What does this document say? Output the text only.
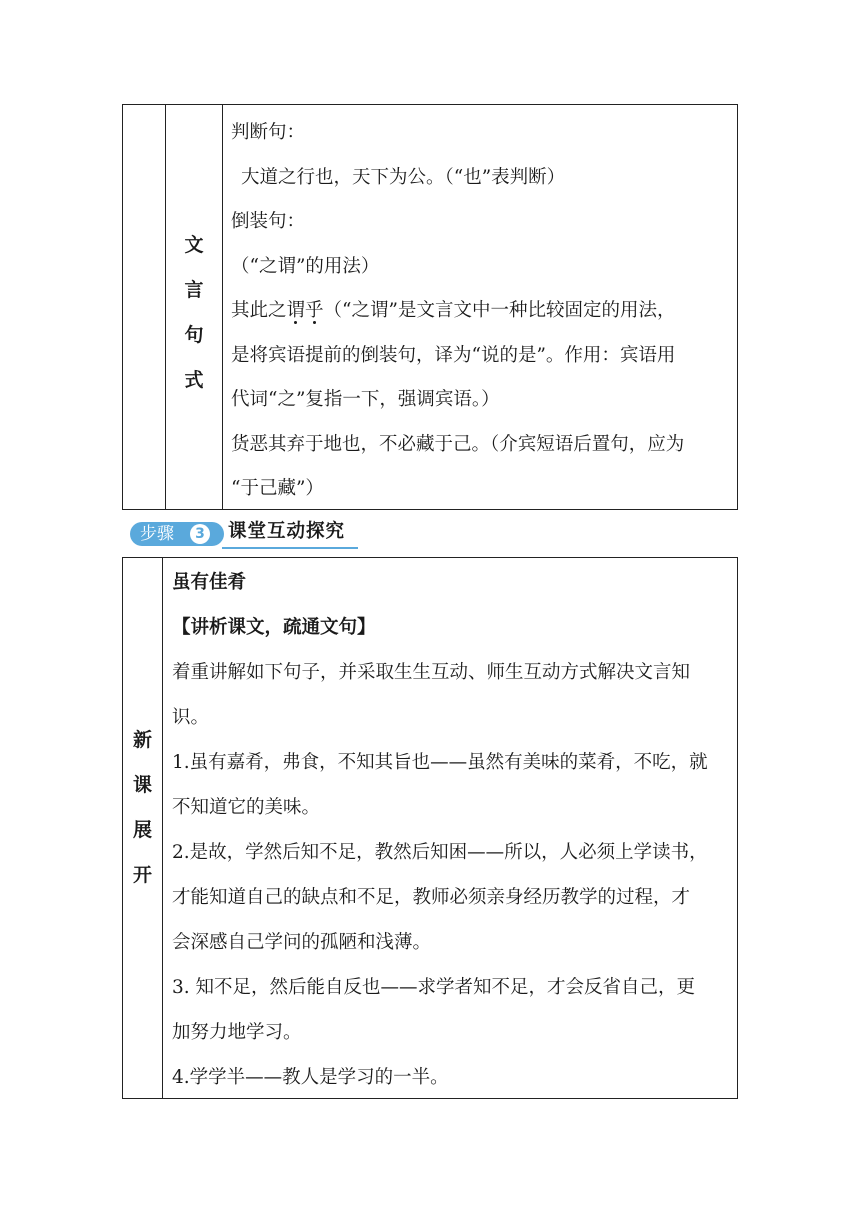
文
言
句
式

判断句：

大道之行也，天下为公。（“也”表判断）

倒装句：

（“之谓”的用法）

其此之谓乎（“之谓”是文言文中一种比较固定的用法，

是将宾语提前的倒装句，译为“说的是”。作用：宾语用

代词“之”复指一下，强调宾语。）

货恶其弃于地也，不必藏于己。（介宾短语后置句，应为

“于己藏”）

步骤	3 课堂互动探究
新
课
展
开

虽有佳肴

【讲析课文，疏通文句】

着重讲解如下句子，并采取生生互动、师生互动方式解决文言知

识。

1.虽有嘉肴，弗食，不知其旨也——虽然有美味的菜肴，不吃，就

不知道它的美味。

2.是故，学然后知不足，教然后知困——所以，人必须上学读书，

才能知道自己的缺点和不足，教师必须亲身经历教学的过程，才

会深感自己学问的孤陋和浅薄。

3. 知不足，然后能自反也——求学者知不足，才会反省自己，更

加努力地学习。

4.学学半——教人是学习的一半。
